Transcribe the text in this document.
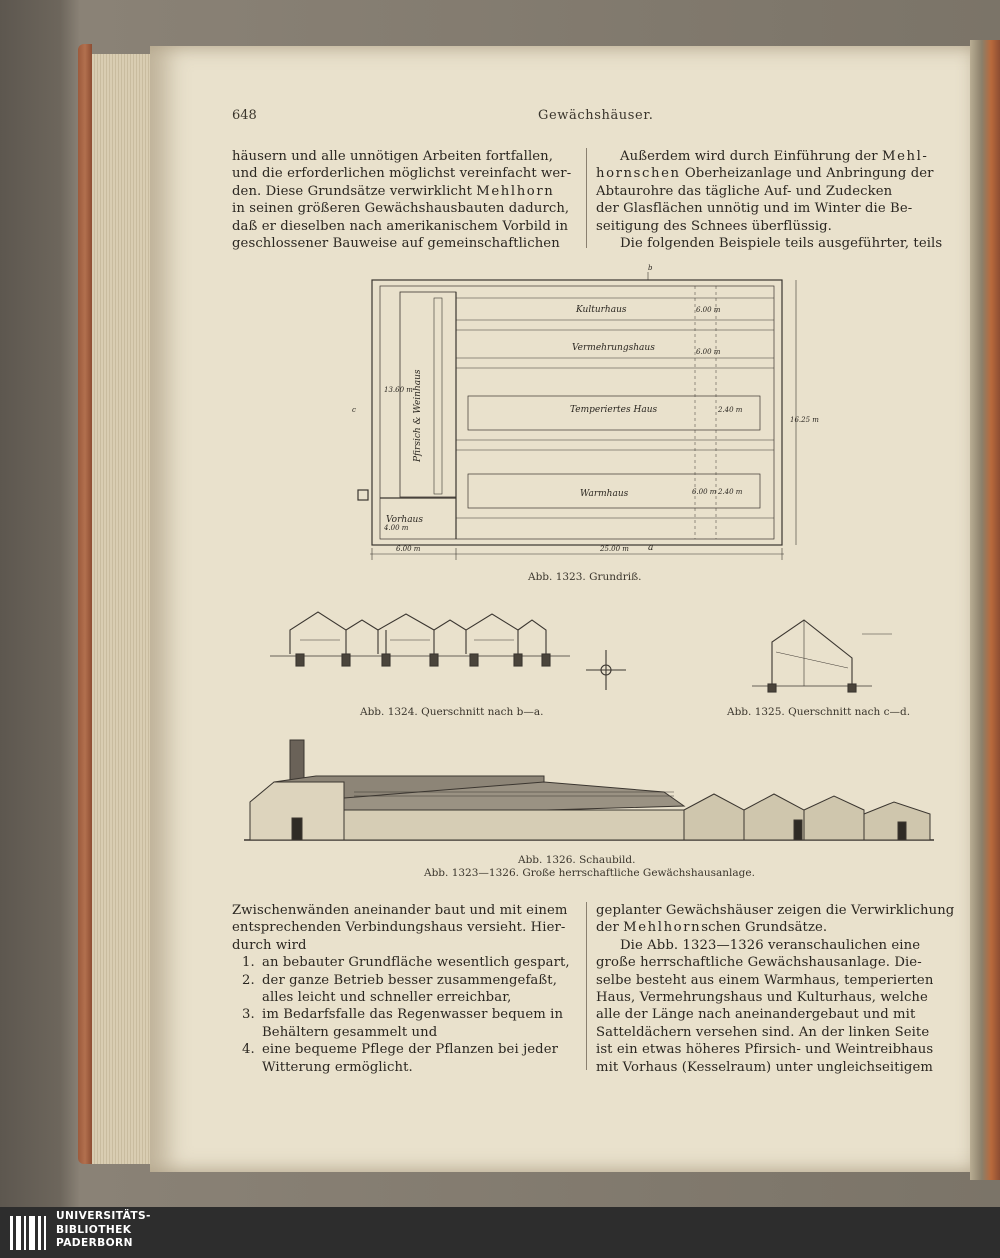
648	Gewächshäuser.
häusern und alle unnötigen Arbeiten fortfallen,
und die erforderlichen möglichst vereinfacht wer-
den. Diese Grundsätze verwirklicht Mehlhorn
in seinen größeren Gewächshausbauten dadurch,
daß er dieselben nach amerikanischem Vorbild in
geschlossener Bauweise auf gemeinschaftlichen
Außerdem wird durch Einführung der Mehl-
hornschen Oberheizanlage und Anbringung der
Abtaurohre das tägliche Auf- und Zudecken
der Glasflächen unnötig und im Winter die Be-
seitigung des Schnees überflüssig.
Die folgenden Beispiele teils ausgeführter, teils
Kulturhaus
Vermehrungshaus
Temperiertes Haus
Warmhaus
Vorhaus
Pfirsich & Weinhaus
6.00 m
6.00 m
2.40 m
6.00 m 2.40 m
16.25 m
25.00 m
6.00 m
4.00 m
13.60 m
a
b
c
Abb. 1323. Grundriß.
Abb. 1324. Querschnitt nach b—a.	Abb. 1325. Querschnitt nach c—d.
Abb. 1326. Schaubild.
Abb. 1323—1326. Große herrschaftliche Gewächshausanlage.
Zwischenwänden aneinander baut und mit einem
entsprechenden Verbindungshaus versieht. Hier-
durch wird
1. an bebauter Grundfläche wesentlich gespart,
2. der ganze Betrieb besser zusammengefaßt,
alles leicht und schneller erreichbar,
3. im Bedarfsfalle das Regenwasser bequem in
Behältern gesammelt und
4. eine bequeme Pflege der Pflanzen bei jeder
Witterung ermöglicht.
geplanter Gewächshäuser zeigen die Verwirklichung
der Mehlhornschen Grundsätze.
Die Abb. 1323—1326 veranschaulichen eine
große herrschaftliche Gewächshausanlage. Die-
selbe besteht aus einem Warmhaus, temperierten
Haus, Vermehrungshaus und Kulturhaus, welche
alle der Länge nach aneinandergebaut und mit
Satteldächern versehen sind. An der linken Seite
ist ein etwas höheres Pfirsich- und Weintreibhaus
mit Vorhaus (Kesselraum) unter ungleichseitigem
UNIVERSITÄTS-
BIBLIOTHEK
PADERBORN
